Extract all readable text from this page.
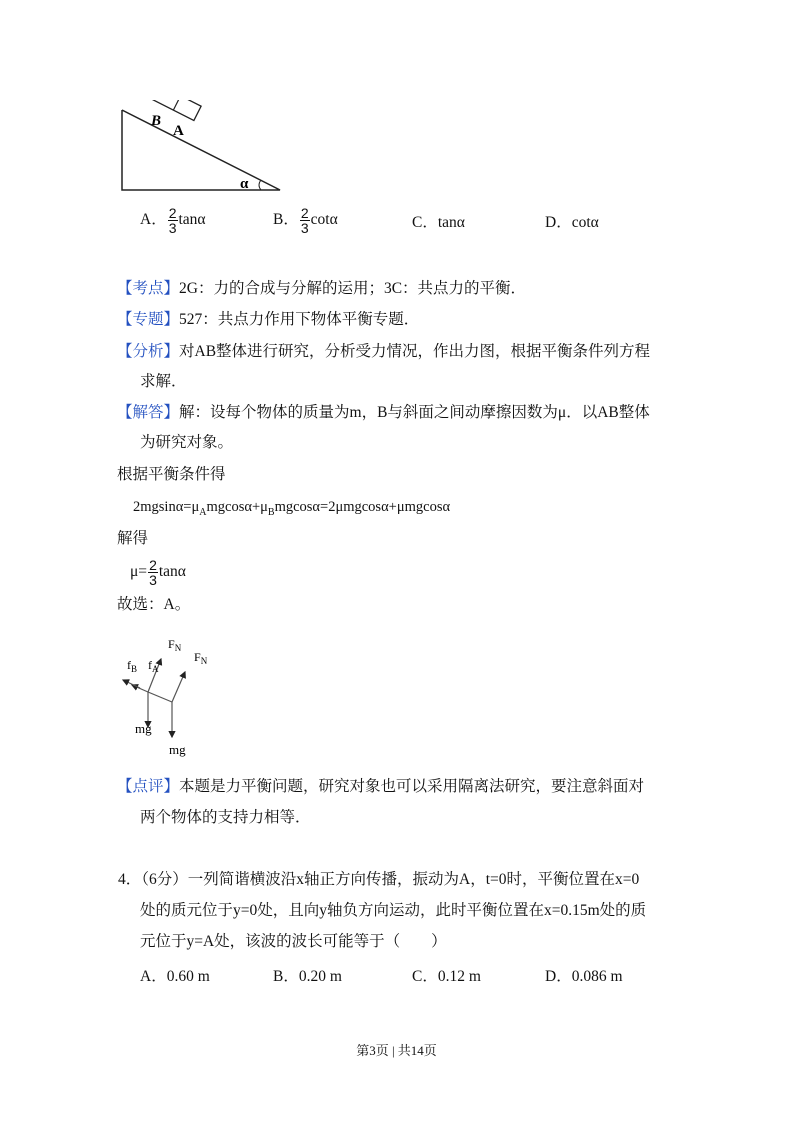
B
A
α
A． $\frac{2}{3}$ tanα	B． $\frac{2}{3}$ cotα	C．tanα	D．cotα
【考点】2G：力的合成与分解的运用；3C：共点力的平衡．
【专题】527：共点力作用下物体平衡专题．
【分析】对AB整体进行研究，分析受力情况，作出力图，根据平衡条件列方程
求解．
【解答】解：设每个物体的质量为m，B与斜面之间动摩擦因数为μ．以AB整体
为研究对象。
根据平衡条件得
$2mgsin\alpha=\mu_Amgcos\alpha+\mu_Bmgcos\alpha=2\mu mgcos\alpha+\mu mgcos\alpha$
解得
$\mu= \frac{2}{3}$ tanα
故选：A。
$F_N$
$F_N$
$f_B$ $f_A$
mg
mg
【点评】本题是力平衡问题，研究对象也可以采用隔离法研究，要注意斜面对
两个物体的支持力相等．
4．（6分）一列简谐横波沿x轴正方向传播，振动为A，t=0时，平衡位置在x=0
处的质元位于y=0处，且向y轴负方向运动，此时平衡位置在x=0.15m处的质
元位于y=A处，该波的波长可能等于（　　）
A．0.60 m	B．0.20 m	C．0.12 m	D．0.086 m
第3页 | 共14页
